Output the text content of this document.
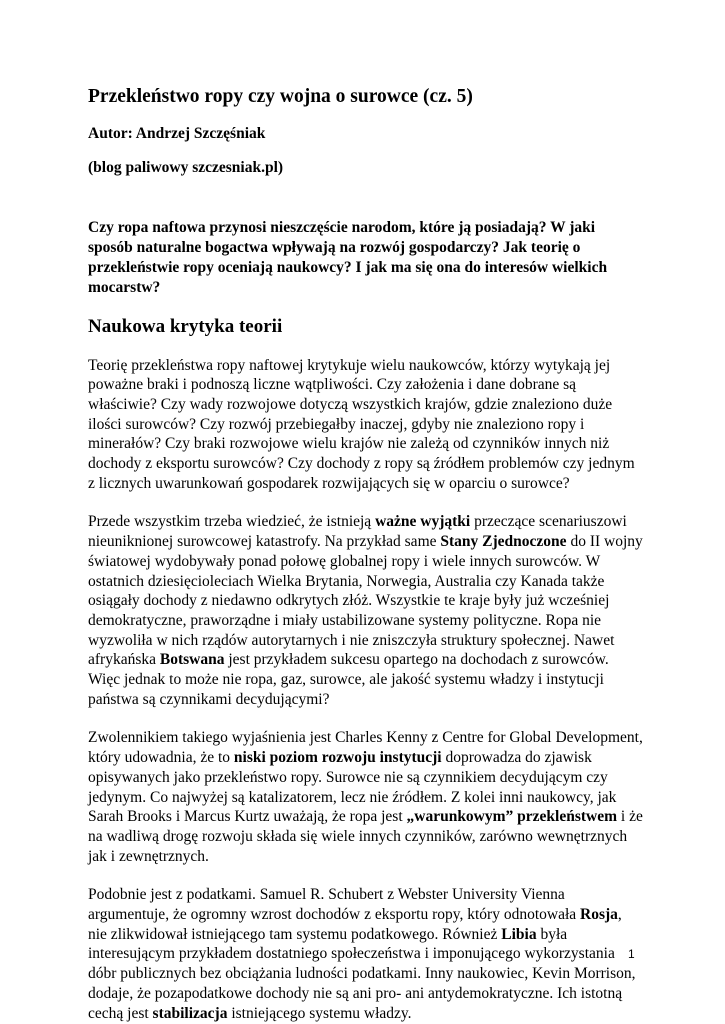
Przekleństwo ropy czy wojna o surowce (cz. 5)

Autor: Andrzej Szczęśniak

(blog paliwowy szczesniak.pl)

Czy ropa naftowa przynosi nieszczęście narodom, które ją posiadają? W jaki sposób naturalne bogactwa wpływają na rozwój gospodarczy? Jak teorię o przekleństwie ropy oceniają naukowcy? I jak ma się ona do interesów wielkich mocarstw?

Naukowa krytyka teorii

Teorię przekleństwa ropy naftowej krytykuje wielu naukowców, którzy wytykają jej poważne braki i podnoszą liczne wątpliwości. Czy założenia i dane dobrane są właściwie? Czy wady rozwojowe dotyczą wszystkich krajów, gdzie znaleziono duże ilości surowców? Czy rozwój przebiegałby inaczej, gdyby nie znaleziono ropy i minerałów? Czy braki rozwojowe wielu krajów nie zależą od czynników innych niż dochody z eksportu surowców? Czy dochody z ropy są źródłem problemów czy jednym z licznych uwarunkowań gospodarek rozwijających się w oparciu o surowce?

Przede wszystkim trzeba wiedzieć, że istnieją ważne wyjątki przeczące scenariuszowi nieuniknionej surowcowej katastrofy. Na przykład same Stany Zjednoczone do II wojny światowej wydobywały ponad połowę globalnej ropy i wiele innych surowców. W ostatnich dziesięcioleciach Wielka Brytania, Norwegia, Australia czy Kanada także osiągały dochody z niedawno odkrytych złóż. Wszystkie te kraje były już wcześniej demokratyczne, praworządne i miały ustabilizowane systemy polityczne. Ropa nie wyzwoliła w nich rządów autorytarnych i nie zniszczyła struktury społecznej. Nawet afrykańska Botswana jest przykładem sukcesu opartego na dochodach z surowców. Więc jednak to może nie ropa, gaz, surowce, ale jakość systemu władzy i instytucji państwa są czynnikami decydującymi?

Zwolennikiem takiego wyjaśnienia jest Charles Kenny z Centre for Global Development, który udowadnia, że to niski poziom rozwoju instytucji doprowadza do zjawisk opisywanych jako przekleństwo ropy. Surowce nie są czynnikiem decydującym czy jedynym. Co najwyżej są katalizatorem, lecz nie źródłem. Z kolei inni naukowcy, jak Sarah Brooks i Marcus Kurtz uważają, że ropa jest „warunkowym” przekleństwem i że na wadliwą drogę rozwoju składa się wiele innych czynników, zarówno wewnętrznych jak i zewnętrznych.

Podobnie jest z podatkami. Samuel R. Schubert z Webster University Vienna argumentuje, że ogromny wzrost dochodów z eksportu ropy, który odnotowała Rosja, nie zlikwidował istniejącego tam systemu podatkowego. Również Libia była interesującym przykładem dostatniego społeczeństwa i imponującego wykorzystania dóbr publicznych bez obciążania ludności podatkami. Inny naukowiec, Kevin Morrison, dodaje, że pozapodatkowe dochody nie są ani pro- ani antydemokratyczne. Ich istotną cechą jest stabilizacja istniejącego systemu władzy.

1
